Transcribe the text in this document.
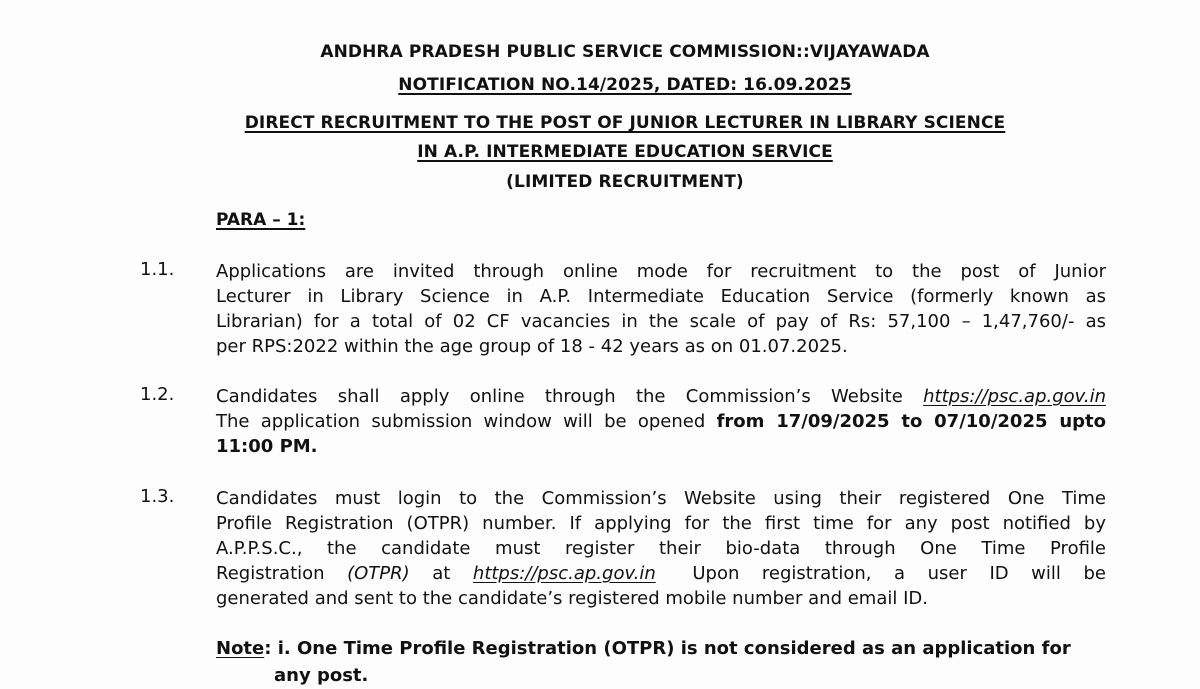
ANDHRA PRADESH PUBLIC SERVICE COMMISSION::VIJAYAWADA
NOTIFICATION NO.14/2025, DATED: 16.09.2025
DIRECT RECRUITMENT TO THE POST OF JUNIOR LECTURER IN LIBRARY SCIENCE
IN A.P. INTERMEDIATE EDUCATION SERVICE
(LIMITED RECRUITMENT)
PARA – 1:
1.1. Applications are invited through online mode for recruitment to the post of Junior
Lecturer in Library Science in A.P. Intermediate Education Service (formerly known as
Librarian) for a total of 02 CF vacancies in the scale of pay of Rs: 57,100 – 1,47,760/- as
per RPS:2022 within the age group of 18 - 42 years as on 01.07.2025.
1.2. Candidates shall apply online through the Commission’s Website https://psc.ap.gov.in
The application submission window will be opened from 17/09/2025 to 07/10/2025 upto
11:00 PM.
1.3. Candidates must login to the Commission’s Website using their registered One Time
Profile Registration (OTPR) number. If applying for the first time for any post notified by
A.P.P.S.C., the candidate must register their bio-data through One Time Profile
Registration (OTPR) at https://psc.ap.gov.in Upon registration, a user ID will be
generated and sent to the candidate’s registered mobile number and email ID.
Note: i. One Time Profile Registration (OTPR) is not considered as an application for
any post.
